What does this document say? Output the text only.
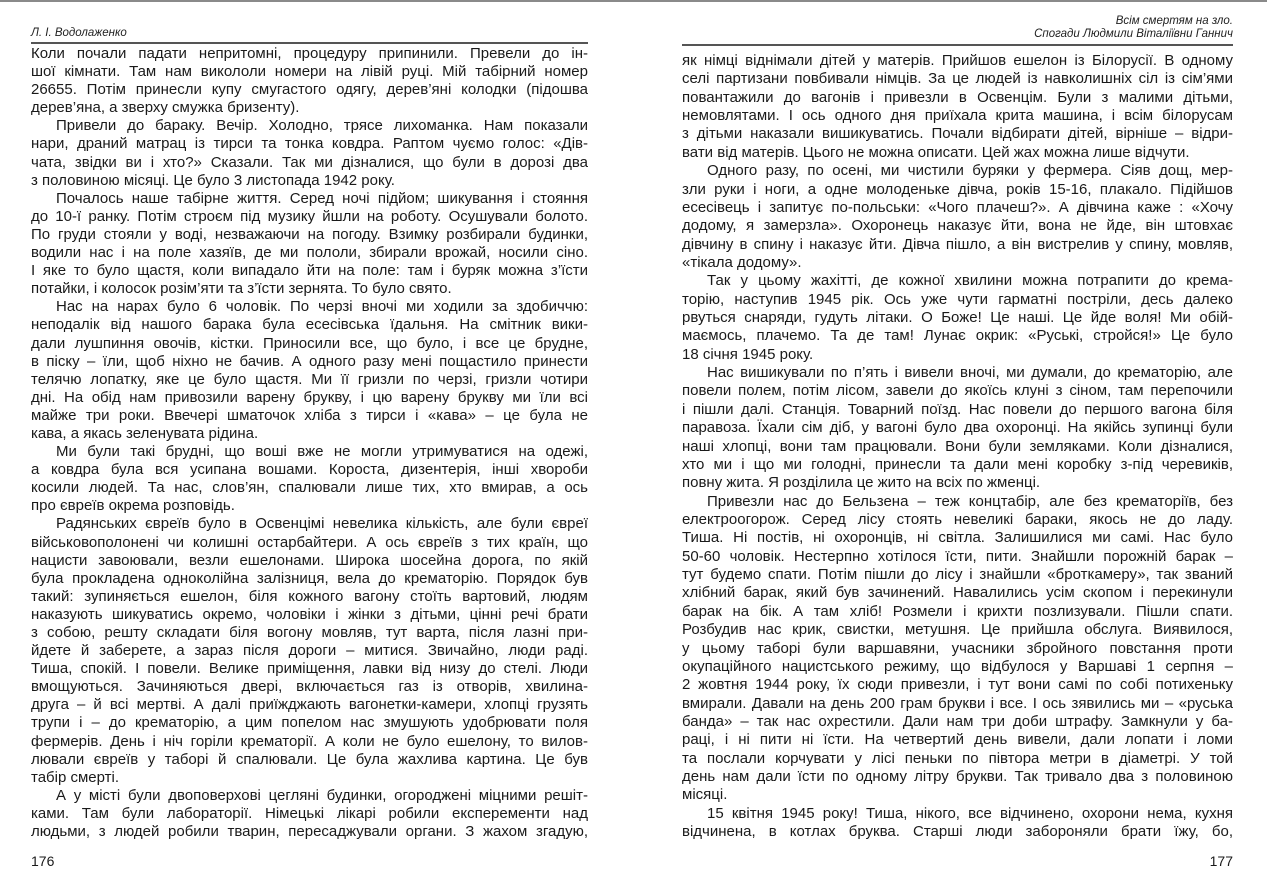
Л. І. Водолаженко
Коли почали падати непритомні, процедуру припинили. Превели до ін-
шої кімнати. Там нам викололи номери на лівій руці. Мій табірний номер
26655. Потім принесли купу смугастого одягу, дерев’яні колодки (підошва
дерев’яна, а зверху смужка бризенту).
Привели до бараку. Вечір. Холодно, трясе лихоманка. Нам показали
нари, драний матрац із тирси та тонка ковдра. Раптом чуємо голос: «Дів-
чата, звідки ви і хто?» Сказали. Так ми дізналися, що були в дорозі два
з половиною місяці. Це було 3 листопада 1942 року.
Почалось наше табірне життя. Серед ночі підйом; шикування і стояння
до 10-ї ранку. Потім строєм під музику йшли на роботу. Осушували болото.
По груди стояли у воді, незважаючи на погоду. Взимку розбирали будинки,
водили нас і на поле хазяїв, де ми пололи, збирали врожай, носили сіно.
І яке то було щастя, коли випадало йти на поле: там і буряк можна з’їсти
потайки, і колосок розім’яти та з’їсти зернята. То було свято.
Нас на нарах було 6 чоловік. По черзі вночі ми ходили за здобиччю:
неподалік від нашого барака була есесівська їдальня. На смітник вики-
дали лушпиння овочів, кістки. Приносили все, що було, і все це брудне,
в піску – їли, щоб ніхно не бачив. А одного разу мені пощастило принести
телячю лопатку, яке це було щастя. Ми її гризли по черзі, гризли чотири
дні. На обід нам привозили варену брукву, і цю варену брукву ми їли всі
майже три роки. Ввечері шматочок хліба з тирси і «кава» – це була не
кава, а якась зеленувата рідина.
Ми були такі брудні, що воші вже не могли утримуватися на одежі,
а ковдра була вся усипана вошами. Короста, дизентерія, інші хвороби
косили людей. Та нас, слов’ян, спалювали лише тих, хто вмирав, а ось
про євреїв окрема розповідь.
Радянських євреїв було в Освенцімі невелика кількість, але були євреї
військовополонені чи колишні остарбайтери. А ось євреїв з тих країн, що
нацисти завоювали, везли ешелонами. Широка шосейна дорога, по якій
була прокладена одноколійна залізниця, вела до крематорію. Порядок був
такий: зупиняється ешелон, біля кожного вагону стоїть вартовий, людям
наказують шикуватись окремо, чоловіки і жінки з дітьми, цінні речі брати
з собою, решту складати біля вогону мовляв, тут варта, після лазні при-
йдете й заберете, а зараз після дороги – митися. Звичайно, люди раді.
Тиша, спокій. І повели. Велике приміщення, лавки від низу до стелі. Люди
вмощуються. Зачиняються двері, включається газ із отворів, хвилина-
друга – й всі мертві. А далі приїжджають вагонетки-камери, хлопці грузять
трупи і – до крематорію, а цим попелом нас змушують удобрювати поля
фермерів. День і ніч горіли крематорії. А коли не було ешелону, то вилов-
лювали євреїв у таборі й спалювали. Це була жахлива картина. Це був
табір смерті.
А у місті були двоповерхові цегляні будинки, огороджені міцними решіт-
ками. Там були лабораторії. Німецькі лікарі робили експеременти над
людьми, з людей робили тварин, пересаджували органи. З жахом згадую,
176
Всім смертям на зло.
Спогади Людмили Віталіївни Ганнич
як німці віднімали дітей у матерів. Прийшов ешелон із Білорусії. В одному
селі партизани повбивали німців. За це людей із навколишніх сіл із сім’ями
повантажили до вагонів і привезли в Освенцім. Були з малими дітьми,
немовлятами. І ось одного дня приїхала крита машина, і всім білорусам
з дітьми наказали вишикуватись. Почали відбирати дітей, вірніше – відри-
вати від матерів. Цього не можна описати. Цей жах можна лише відчути.
Одного разу, по осені, ми чистили буряки у фермера. Сіяв дощ, мер-
зли руки і ноги, а одне молоденьке дівча, років 15-16, плакало. Підійшов
есесівець і запитує по-польськи: «Чого плачеш?». А дівчина каже : «Хочу
додому, я замерзла». Охоронець наказує йти, вона не йде, він штовхає
дівчину в спину і наказує йти. Дівча пішло, а він вистрелив у спину, мовляв,
«тікала додому».
Так у цьому жахітті, де кожної хвилини можна потрапити до крема-
торію, наступив 1945 рік. Ось уже чути гарматні постріли, десь далеко
рвуться снаряди, гудуть літаки. О Боже! Це наші. Це йде воля! Ми обій-
маємось, плачемо. Та де там! Лунає окрик: «Руські, стройся!» Це було
18 січня 1945 року.
Нас вишикували по п’ять і вивели вночі, ми думали, до крематорію, але
повели полем, потім лісом, завели до якоїсь клуні з сіном, там перепочили
і пішли далі. Станція. Товарний поїзд. Нас повели до першого вагона біля
паравоза. Їхали сім діб, у вагоні було два охоронці. На якійсь зупинці були
наші хлопці, вони там працювали. Вони були земляками. Коли дізналися,
хто ми і що ми голодні, принесли та дали мені коробку з-під черевиків,
повну жита. Я розділила це жито на всіх по жменці.
Привезли нас до Бельзена – теж концтабір, але без крематоріїв, без
електроогорож. Серед лісу стоять невеликі бараки, якось не до ладу.
Тиша. Ні постів, ні охоронців, ні світла. Залишилися ми самі. Нас було
50-60 чоловік. Нестерпно хотілося їсти, пити. Знайшли порожній барак –
тут будемо спати. Потім пішли до лісу і знайшли «броткамеру», так званий
хлібний барак, який був зачинений. Навалились усім скопом і перекинули
барак на бік. А там хліб! Розмели і крихти позлизували. Пішли спати.
Розбудив нас крик, свистки, метушня. Це прийшла обслуга. Виявилося,
у цьому таборі були варшавяни, учасники збройного повстання проти
окупаційного нацистського режиму, що відбулося у Варшаві 1 серпня –
2 жовтня 1944 року, їх сюди привезли, і тут вони самі по собі потихеньку
вмирали. Давали на день 200 грам брукви і все. І ось зявились ми – «руська
банда» – так нас охрестили. Дали нам три доби штрафу. Замкнули у ба-
раці, і ні пити ні їсти. На четвертий день вивели, дали лопати і ломи
та послали корчувати у лісі пеньки по півтора метри в діаметрі. У той
день нам дали їсти по одному літру брукви. Так тривало два з половиною
місяці.
15 квітня 1945 року! Тиша, нікого, все відчинено, охорони нема, кухня
відчинена, в котлах бруква. Старші люди забороняли брати їжу, бо,
177
